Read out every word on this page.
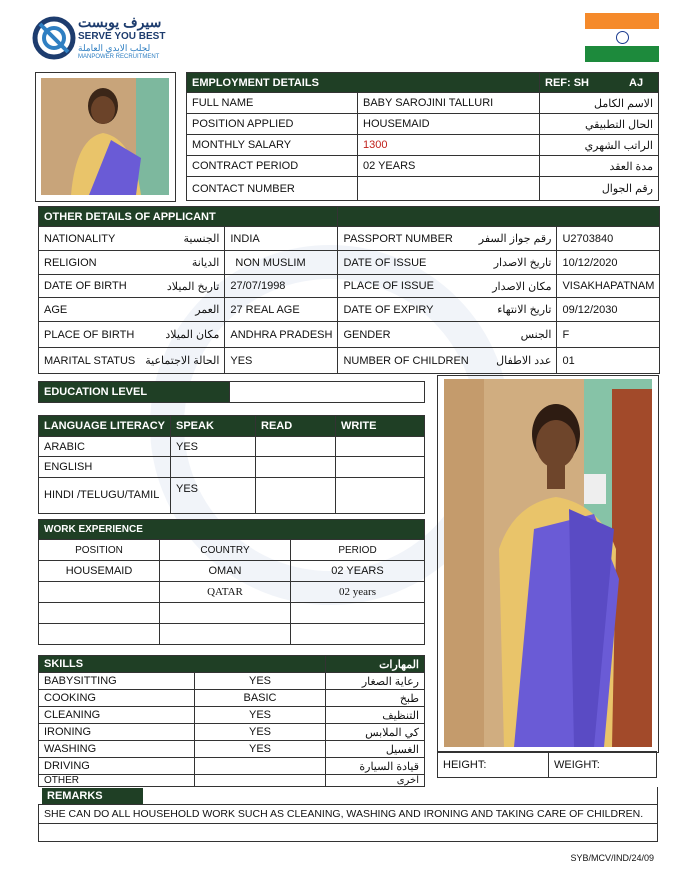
سيرف يوبست
SERVE YOU BEST
لجلب الايدي العاملة
MANPOWER RECRUITMENT
EMPLOYMENT DETAILS		REF: SH AJ
FULL NAME	BABY SAROJINI TALLURI	الاسم الكامل
POSITION APPLIED	HOUSEMAID	الحال التطبيقي
MONTHLY SALARY	1300	الراتب الشهري
CONTRACT PERIOD	02 YEARS	مدة العقد
CONTACT NUMBER		رقم الجوال
OTHER DETAILS OF APPLICANT					
NATIONALITY	الجنسية	INDIA	PASSPORT NUMBER	رقم جواز السفر	U2703840
RELIGION	الديانة	NON MUSLIM	DATE OF ISSUE	تاريخ الاصدار	10/12/2020
DATE OF BIRTH	تاريخ الميلاد	27/07/1998	PLACE OF ISSUE	مكان الاصدار	VISAKHAPATNAM
AGE	العمر	27 REAL AGE	DATE OF EXPIRY	تاريخ الانتهاء	09/12/2030
PLACE OF BIRTH	مكان الميلاد	ANDHRA PRADESH	GENDER	الجنس	F
MARITAL STATUS	الحالة الاجتماعية	YES	NUMBER OF CHILDREN	عدد الاطفال	01
EDUCATION LEVEL	
LANGUAGE LITERACY	SPEAK	READ	WRITE
ARABIC	YES		
ENGLISH			
HINDI /TELUGU/TAMIL	YES		
WORK EXPERIENCE		
POSITION	COUNTRY	PERIOD
HOUSEMAID	OMAN	02 YEARS
	QATAR	02 years

SKILLS		المهارات
BABYSITTING	YES	رعاية الصغار
COOKING	BASIC	طبخ
CLEANING	YES	التنظيف
IRONING	YES	كي الملابس
WASHING	YES	الغسيل
DRIVING		قيادة السيارة
OTHER		اخرى
HEIGHT:	WEIGHT:
REMARKS

SHE CAN DO ALL HOUSEHOLD WORK SUCH AS CLEANING, WASHING AND IRONING AND TAKING CARE OF CHILDREN.

SYB/MCV/IND/24/09
